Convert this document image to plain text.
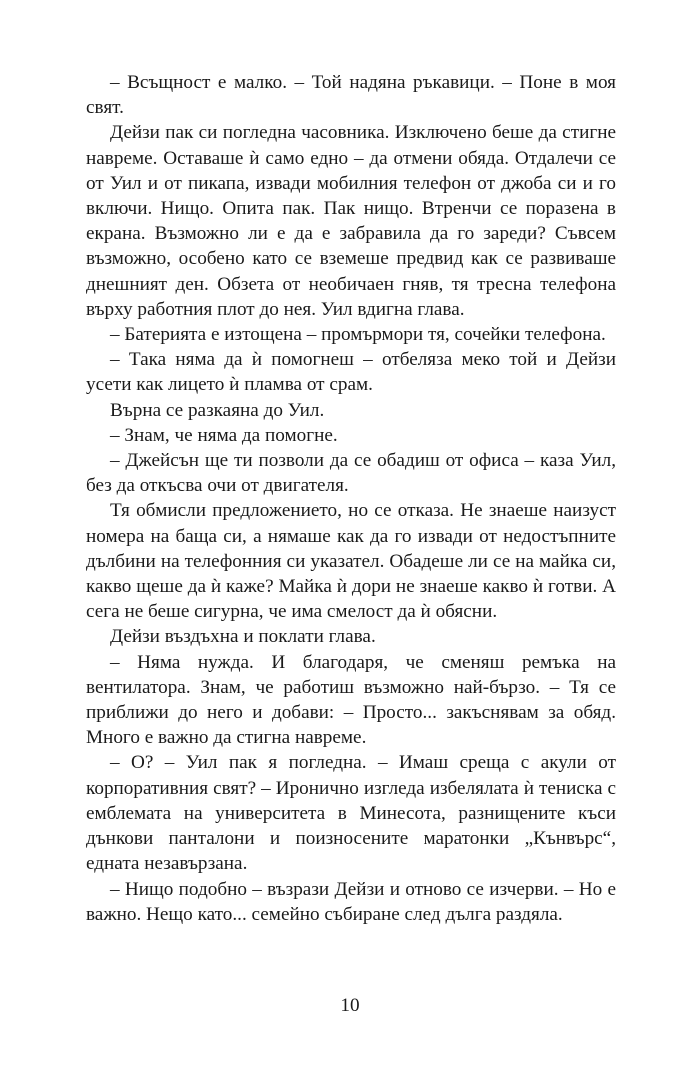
– Всъщност е малко. – Той надяна ръкавици. – Поне в моя свят.

Дейзи пак си погледна часовника. Изключено беше да стигне навреме. Оставаше ѝ само едно – да отмени обяда. Отдалечи се от Уил и от пикапа, извади мобилния телефон от джоба си и го включи. Нищо. Опита пак. Пак нищо. Втренчи се поразена в екрана. Възможно ли е да е забравила да го зареди? Съвсем възможно, особено като се вземеше предвид как се развиваше днешният ден. Обзета от необичаен гняв, тя тресна телефона върху работния плот до нея. Уил вдигна глава.

– Батерията е изтощена – промърмори тя, сочейки телефона.

– Така няма да ѝ помогнеш – отбеляза меко той и Дейзи усети как лицето ѝ пламва от срам.

Върна се разкаяна до Уил.

– Знам, че няма да помогне.

– Джейсън ще ти позволи да се обадиш от офиса – каза Уил, без да откъсва очи от двигателя.

Тя обмисли предложението, но се отказа. Не знаеше наизуст номера на баща си, а нямаше как да го извади от недостъпните дълбини на телефонния си указател. Обадеше ли се на майка си, какво щеше да ѝ каже? Майка ѝ дори не знаеше какво ѝ готви. А сега не беше сигурна, че има смелост да ѝ обясни.

Дейзи въздъхна и поклати глава.

– Няма нужда. И благодаря, че сменяш ремъка на вентилатора. Знам, че работиш възможно най-бързо. – Тя се приближи до него и добави: – Просто... закъснявам за обяд. Много е важно да стигна навреме.

– О? – Уил пак я погледна. – Имаш среща с акули от корпоративния свят? – Иронично изгледа избелялата ѝ тениска с емблемата на университета в Минесота, разнищените къси дънкови панталони и поизносените маратонки „Кънвърс“, едната незавързана.

– Нищо подобно – възрази Дейзи и отново се изчерви. – Но е важно. Нещо като... семейно събиране след дълга раздяла.

10
